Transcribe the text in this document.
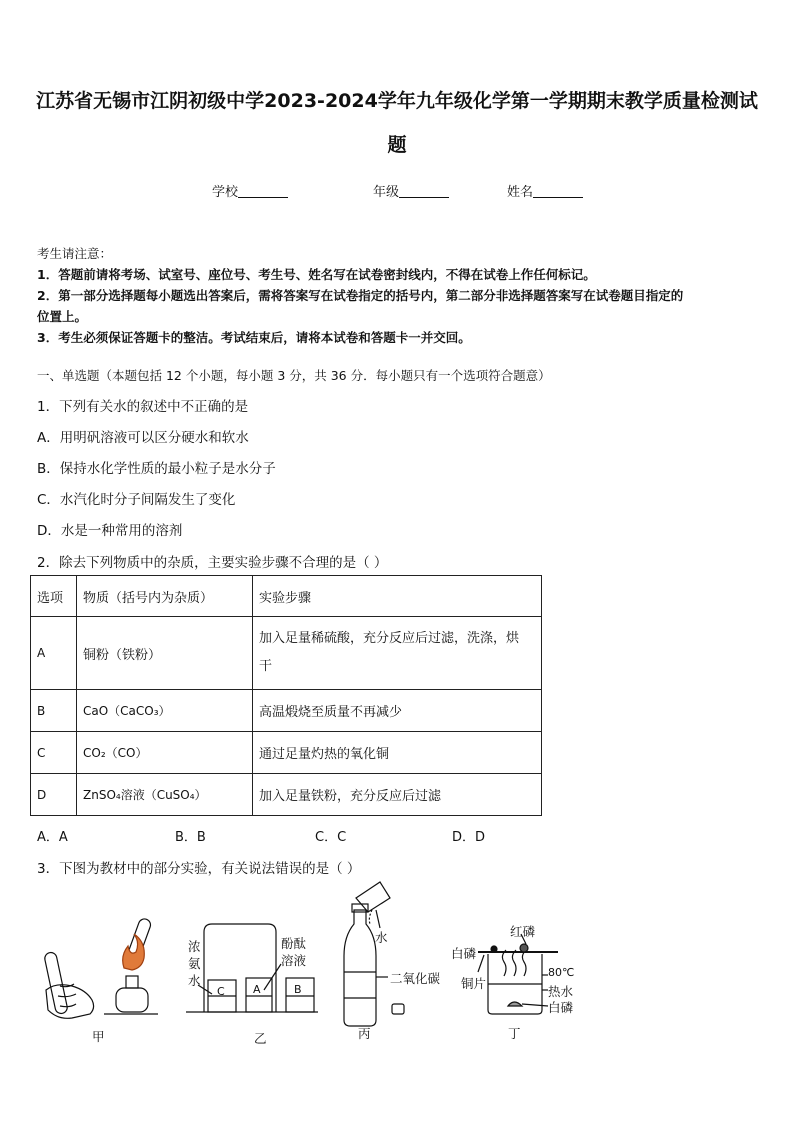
江苏省无锡市江阴初级中学2023-2024学年九年级化学第一学期期末教学质量检测试
题
学校	年级	姓名
考生请注意：
1．答题前请将考场、试室号、座位号、考生号、姓名写在试卷密封线内，不得在试卷上作任何标记。
2．第一部分选择题每小题选出答案后，需将答案写在试卷指定的括号内，第二部分非选择题答案写在试卷题目指定的
位置上。
3．考生必须保证答题卡的整洁。考试结束后，请将本试卷和答题卡一并交回。
一、单选题（本题包括 12 个小题，每小题 3 分，共 36 分．每小题只有一个选项符合题意）
1．下列有关水的叙述中不正确的是
A．用明矾溶液可以区分硬水和软水
B．保持水化学性质的最小粒子是水分子
C．水汽化时分子间隔发生了变化
D．水是一种常用的溶剂
2．除去下列物质中的杂质，主要实验步骤不合理的是（ ）
选项	物质（括号内为杂质）	实验步骤
A	铜粉（铁粉）	加入足量稀硫酸，充分反应后过滤，洗涤，烘
干

B	CaO（CaCO₃）	高温煅烧至质量不再减少
C	CO₂（CO）	通过足量灼热的氧化铜
D	ZnSO₄溶液（CuSO₄）	加入足量铁粉，充分反应后过滤
A．A	B．B	C．C	D．D
3．下图为教材中的部分实验，有关说法错误的是（ ）
甲	乙	丙	丁
浓
氨
水
酚酞
溶液
C	A	B
水
二氧化碳
红磷
白磷
铜片
80℃
热水
白磷
